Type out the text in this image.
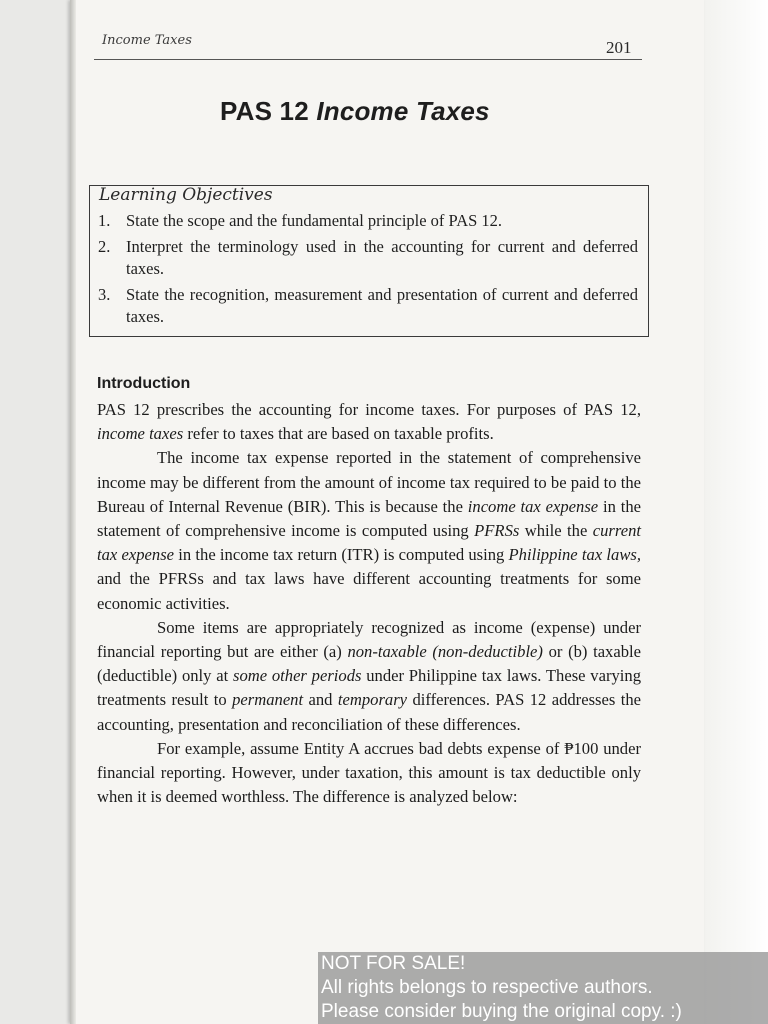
Income Taxes	201
PAS 12 Income Taxes
Learning Objectives
1. State the scope and the fundamental principle of PAS 12.
2. Interpret the terminology used in the accounting for current and deferred taxes.
3. State the recognition, measurement and presentation of current and deferred taxes.
Introduction

PAS 12 prescribes the accounting for income taxes. For purposes of PAS 12, income taxes refer to taxes that are based on taxable profits.

The income tax expense reported in the statement of comprehensive income may be different from the amount of income tax required to be paid to the Bureau of Internal Revenue (BIR). This is because the income tax expense in the statement of comprehensive income is computed using PFRSs while the current tax expense in the income tax return (ITR) is computed using Philippine tax laws, and the PFRSs and tax laws have different accounting treatments for some economic activities.

Some items are appropriately recognized as income (expense) under financial reporting but are either (a) non-taxable (non-deductible) or (b) taxable (deductible) only at some other periods under Philippine tax laws. These varying treatments result to permanent and temporary differences. PAS 12 addresses the accounting, presentation and reconciliation of these differences.

For example, assume Entity A accrues bad debts expense of ₱100 under financial reporting. However, under taxation, this amount is tax deductible only when it is deemed worthless. The difference is analyzed below:

NOT FOR SALE!
All rights belongs to respective authors.
Please consider buying the original copy. :)
